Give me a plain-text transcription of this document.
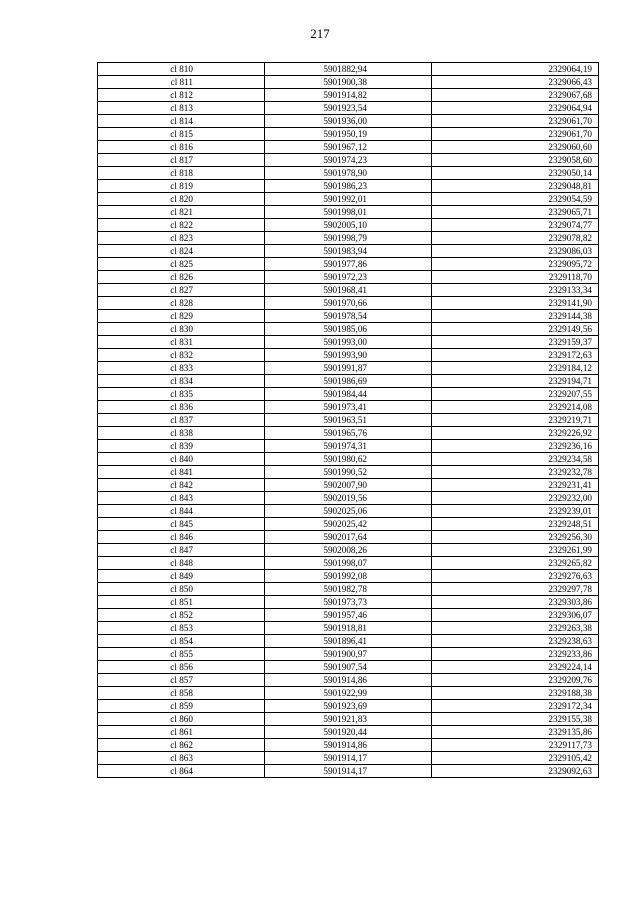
217
cl 810	5901882,94	2329064,19
cl 811	5901900,38	2329066,43
cl 812	5901914,82	2329067,68
cl 813	5901923,54	2329064,94
cl 814	5901936,00	2329061,70
cl 815	5901950,19	2329061,70
cl 816	5901967,12	2329060,60
cl 817	5901974,23	2329058,60
cl 818	5901978,90	2329050,14
cl 819	5901986,23	2329048,81
cl 820	5901992,01	2329054,59
cl 821	5901998,01	2329065,71
cl 822	5902005,10	2329074,77
cl 823	5901998,79	2329078,82
cl 824	5901983,94	2329086,03
cl 825	5901977,86	2329095,72
cl 826	5901972,23	2329118,70
cl 827	5901968,41	2329133,34
cl 828	5901970,66	2329141,90
cl 829	5901978,54	2329144,38
cl 830	5901985,06	2329149,56
cl 831	5901993,00	2329159,37
cl 832	5901993,90	2329172,63
cl 833	5901991,87	2329184,12
cl 834	5901986,69	2329194,71
cl 835	5901984,44	2329207,55
cl 836	5901973,41	2329214,08
cl 837	5901963,51	2329219,71
cl 838	5901965,76	2329226,92
cl 839	5901974,31	2329236,16
cl 840	5901980,62	2329234,58
cl 841	5901990,52	2329232,78
cl 842	5902007,90	2329231,41
cl 843	5902019,56	2329232,00
cl 844	5902025,06	2329239,01
cl 845	5902025,42	2329248,51
cl 846	5902017,64	2329256,30
cl 847	5902008,26	2329261,99
cl 848	5901998,07	2329265,82
cl 849	5901992,08	2329276,63
cl 850	5901982,78	2329297,78
cl 851	5901973,73	2329303,86
cl 852	5901957,46	2329306,07
cl 853	5901918,81	2329263,38
cl 854	5901896,41	2329238,63
cl 855	5901900,97	2329233,86
cl 856	5901907,54	2329224,14
cl 857	5901914,86	2329209,76
cl 858	5901922,99	2329188,38
cl 859	5901923,69	2329172,34
cl 860	5901921,83	2329155,38
cl 861	5901920,44	2329135,86
cl 862	5901914,86	2329117,73
cl 863	5901914,17	2329105,42
cl 864	5901914,17	2329092,63
